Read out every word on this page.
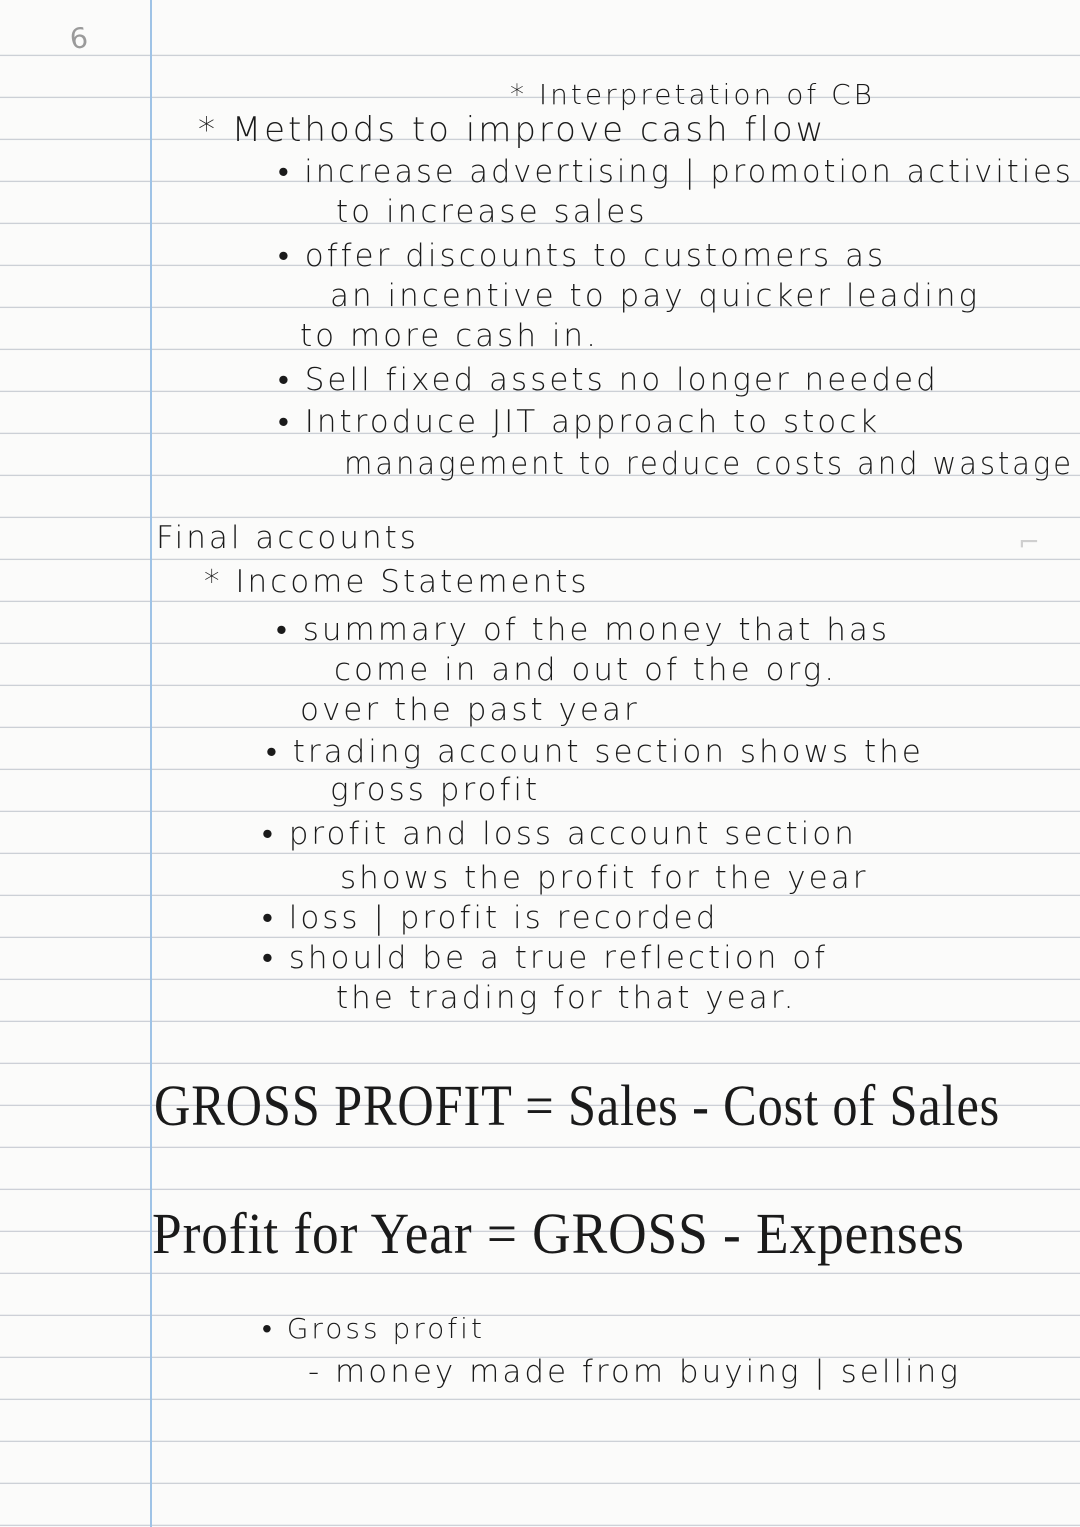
6
* Interpretation of CB
* Methods to improve cash flow
• increase advertising | promotion activities
to increase sales
• offer discounts to customers as
an incentive to pay quicker leading
to more cash in.
• Sell fixed assets no longer needed
• Introduce JIT approach to stock
management to reduce costs and wastage
Final accounts	⌐
* Income Statements
• summary of the money that has
come in and out of the org.
over the past year
• trading account section shows the
gross profit
• profit and loss account section
shows the profit for the year
• loss | profit is recorded
• should be a true reflection of
the trading for that year.
GROSS PROFIT = Sales - Cost of Sales
Profit for Year = GROSS - Expenses
• Gross profit
- money made from buying | selling
